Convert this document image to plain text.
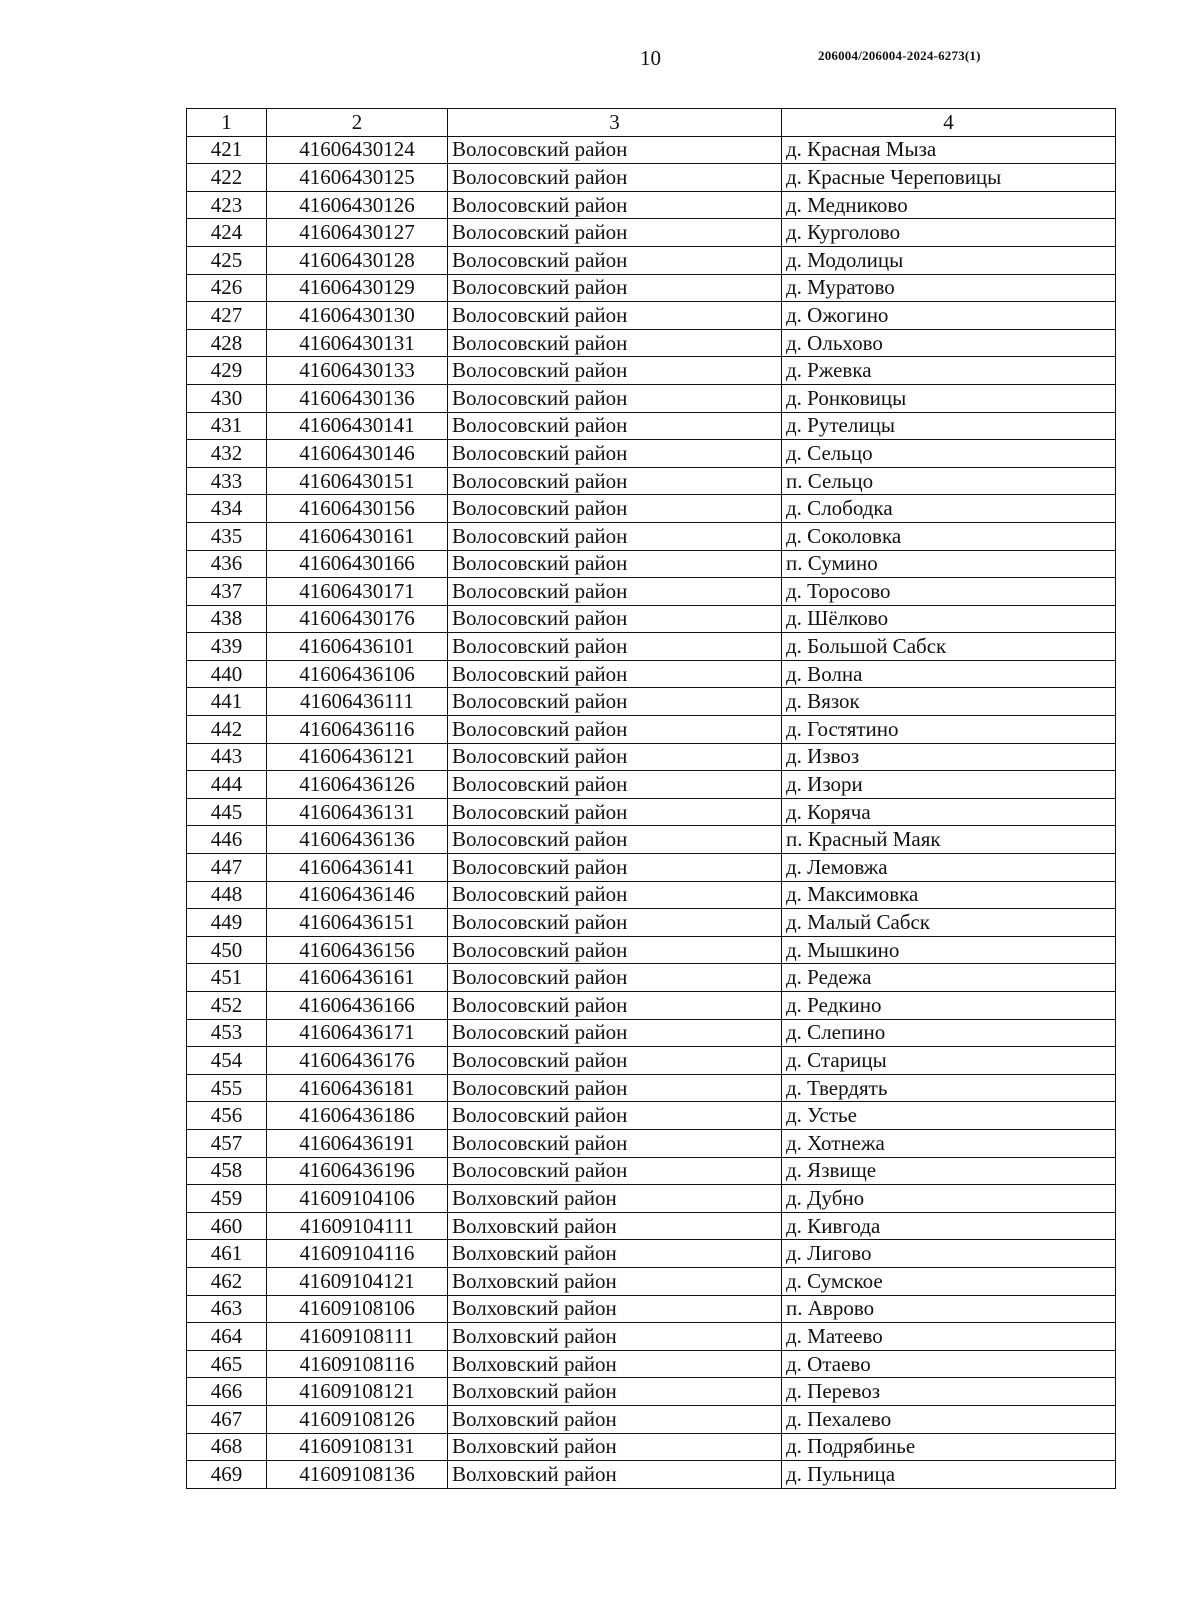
10	206004/206004-2024-6273(1)
1	2	3	4
421	41606430124	Волосовский район	д. Красная Мыза
422	41606430125	Волосовский район	д. Красные Череповицы
423	41606430126	Волосовский район	д. Медниково
424	41606430127	Волосовский район	д. Курголово
425	41606430128	Волосовский район	д. Модолицы
426	41606430129	Волосовский район	д. Муратово
427	41606430130	Волосовский район	д. Ожогино
428	41606430131	Волосовский район	д. Ольхово
429	41606430133	Волосовский район	д. Ржевка
430	41606430136	Волосовский район	д. Ронковицы
431	41606430141	Волосовский район	д. Рутелицы
432	41606430146	Волосовский район	д. Сельцо
433	41606430151	Волосовский район	п. Сельцо
434	41606430156	Волосовский район	д. Слободка
435	41606430161	Волосовский район	д. Соколовка
436	41606430166	Волосовский район	п. Сумино
437	41606430171	Волосовский район	д. Торосово
438	41606430176	Волосовский район	д. Шёлково
439	41606436101	Волосовский район	д. Большой Сабск
440	41606436106	Волосовский район	д. Волна
441	41606436111	Волосовский район	д. Вязок
442	41606436116	Волосовский район	д. Гостятино
443	41606436121	Волосовский район	д. Извоз
444	41606436126	Волосовский район	д. Изори
445	41606436131	Волосовский район	д. Коряча
446	41606436136	Волосовский район	п. Красный Маяк
447	41606436141	Волосовский район	д. Лемовжа
448	41606436146	Волосовский район	д. Максимовка
449	41606436151	Волосовский район	д. Малый Сабск
450	41606436156	Волосовский район	д. Мышкино
451	41606436161	Волосовский район	д. Редежа
452	41606436166	Волосовский район	д. Редкино
453	41606436171	Волосовский район	д. Слепино
454	41606436176	Волосовский район	д. Старицы
455	41606436181	Волосовский район	д. Твердять
456	41606436186	Волосовский район	д. Устье
457	41606436191	Волосовский район	д. Хотнежа
458	41606436196	Волосовский район	д. Язвище
459	41609104106	Волховский район	д. Дубно
460	41609104111	Волховский район	д. Кивгода
461	41609104116	Волховский район	д. Лигово
462	41609104121	Волховский район	д. Сумское
463	41609108106	Волховский район	п. Аврово
464	41609108111	Волховский район	д. Матеево
465	41609108116	Волховский район	д. Отаево
466	41609108121	Волховский район	д. Перевоз
467	41609108126	Волховский район	д. Пехалево
468	41609108131	Волховский район	д. Подрябинье
469	41609108136	Волховский район	д. Пульница
